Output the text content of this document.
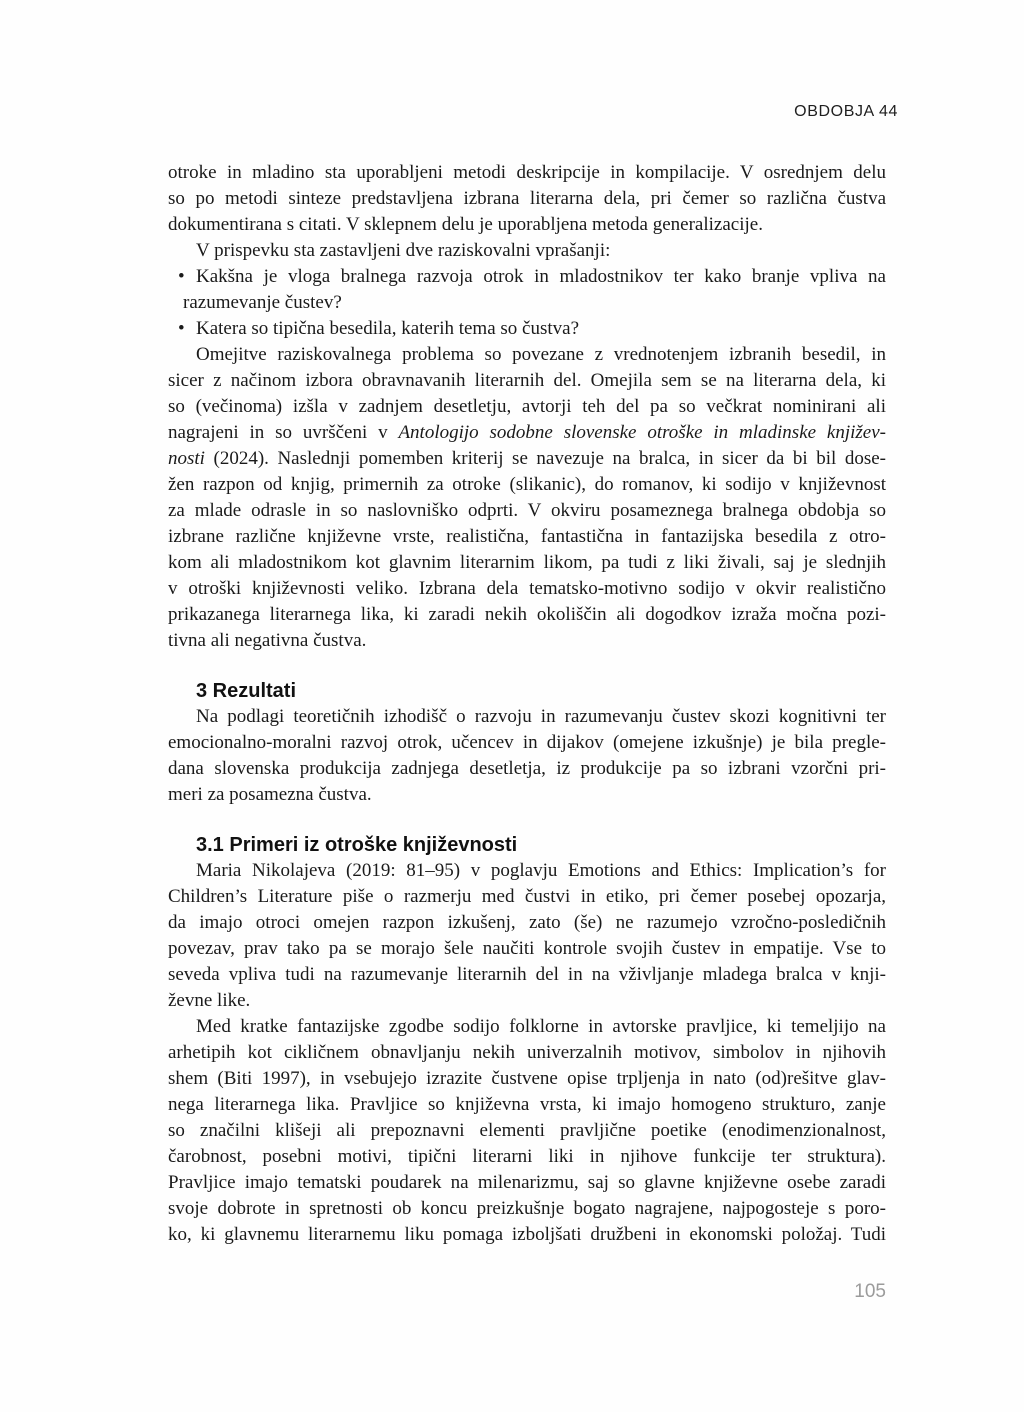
OBDOBJA 44
otroke in mladino sta uporabljeni metodi deskripcije in kompilacije. V osrednjem delu
so po metodi sinteze predstavljena izbrana literarna dela, pri čemer so različna čustva
dokumentirana s citati. V sklepnem delu je uporabljena metoda generalizacije.
V prispevku sta zastavljeni dve raziskovalni vprašanji:
• Kakšna je vloga bralnega razvoja otrok in mladostnikov ter kako branje vpliva na
razumevanje čustev?
• Katera so tipična besedila, katerih tema so čustva?
Omejitve raziskovalnega problema so povezane z vrednotenjem izbranih besedil, in
sicer z načinom izbora obravnavanih literarnih del. Omejila sem se na literarna dela, ki
so (večinoma) izšla v zadnjem desetletju, avtorji teh del pa so večkrat nominirani ali
nagrajeni in so uvrščeni v Antologijo sodobne slovenske otroške in mladinske književ-
nosti (2024). Naslednji pomemben kriterij se navezuje na bralca, in sicer da bi bil dose-
žen razpon od knjig, primernih za otroke (slikanic), do romanov, ki sodijo v književnost
za mlade odrasle in so naslovniško odprti. V okviru posameznega bralnega obdobja so
izbrane različne književne vrste, realistična, fantastična in fantazijska besedila z otro-
kom ali mladostnikom kot glavnim literarnim likom, pa tudi z liki živali, saj je slednjih
v otroški književnosti veliko. Izbrana dela tematsko-motivno sodijo v okvir realistično
prikazanega literarnega lika, ki zaradi nekih okoliščin ali dogodkov izraža močna pozi-
tivna ali negativna čustva.
3 Rezultati
Na podlagi teoretičnih izhodišč o razvoju in razumevanju čustev skozi kognitivni ter
emocionalno-moralni razvoj otrok, učencev in dijakov (omejene izkušnje) je bila pregle-
dana slovenska produkcija zadnjega desetletja, iz produkcije pa so izbrani vzorčni pri-
meri za posamezna čustva.
3.1 Primeri iz otroške književnosti
Maria Nikolajeva (2019: 81–95) v poglavju Emotions and Ethics: Implication’s for
Children’s Literature piše o razmerju med čustvi in etiko, pri čemer posebej opozarja,
da imajo otroci omejen razpon izkušenj, zato (še) ne razumejo vzročno-posledičnih
povezav, prav tako pa se morajo šele naučiti kontrole svojih čustev in empatije. Vse to
seveda vpliva tudi na razumevanje literarnih del in na vživljanje mladega bralca v knji-
ževne like.
Med kratke fantazijske zgodbe sodijo folklorne in avtorske pravljice, ki temeljijo na
arhetipih kot cikličnem obnavljanju nekih univerzalnih motivov, simbolov in njihovih
shem (Biti 1997), in vsebujejo izrazite čustvene opise trpljenja in nato (od)rešitve glav-
nega literarnega lika. Pravljice so književna vrsta, ki imajo homogeno strukturo, zanje
so značilni klišeji ali prepoznavni elementi pravljične poetike (enodimenzionalnost,
čarobnost, posebni motivi, tipični literarni liki in njihove funkcije ter struktura).
Pravljice imajo tematski poudarek na milenarizmu, saj so glavne književne osebe zaradi
svoje dobrote in spretnosti ob koncu preizkušnje bogato nagrajene, najpogosteje s poro-
ko, ki glavnemu literarnemu liku pomaga izboljšati družbeni in ekonomski položaj. Tudi
105
